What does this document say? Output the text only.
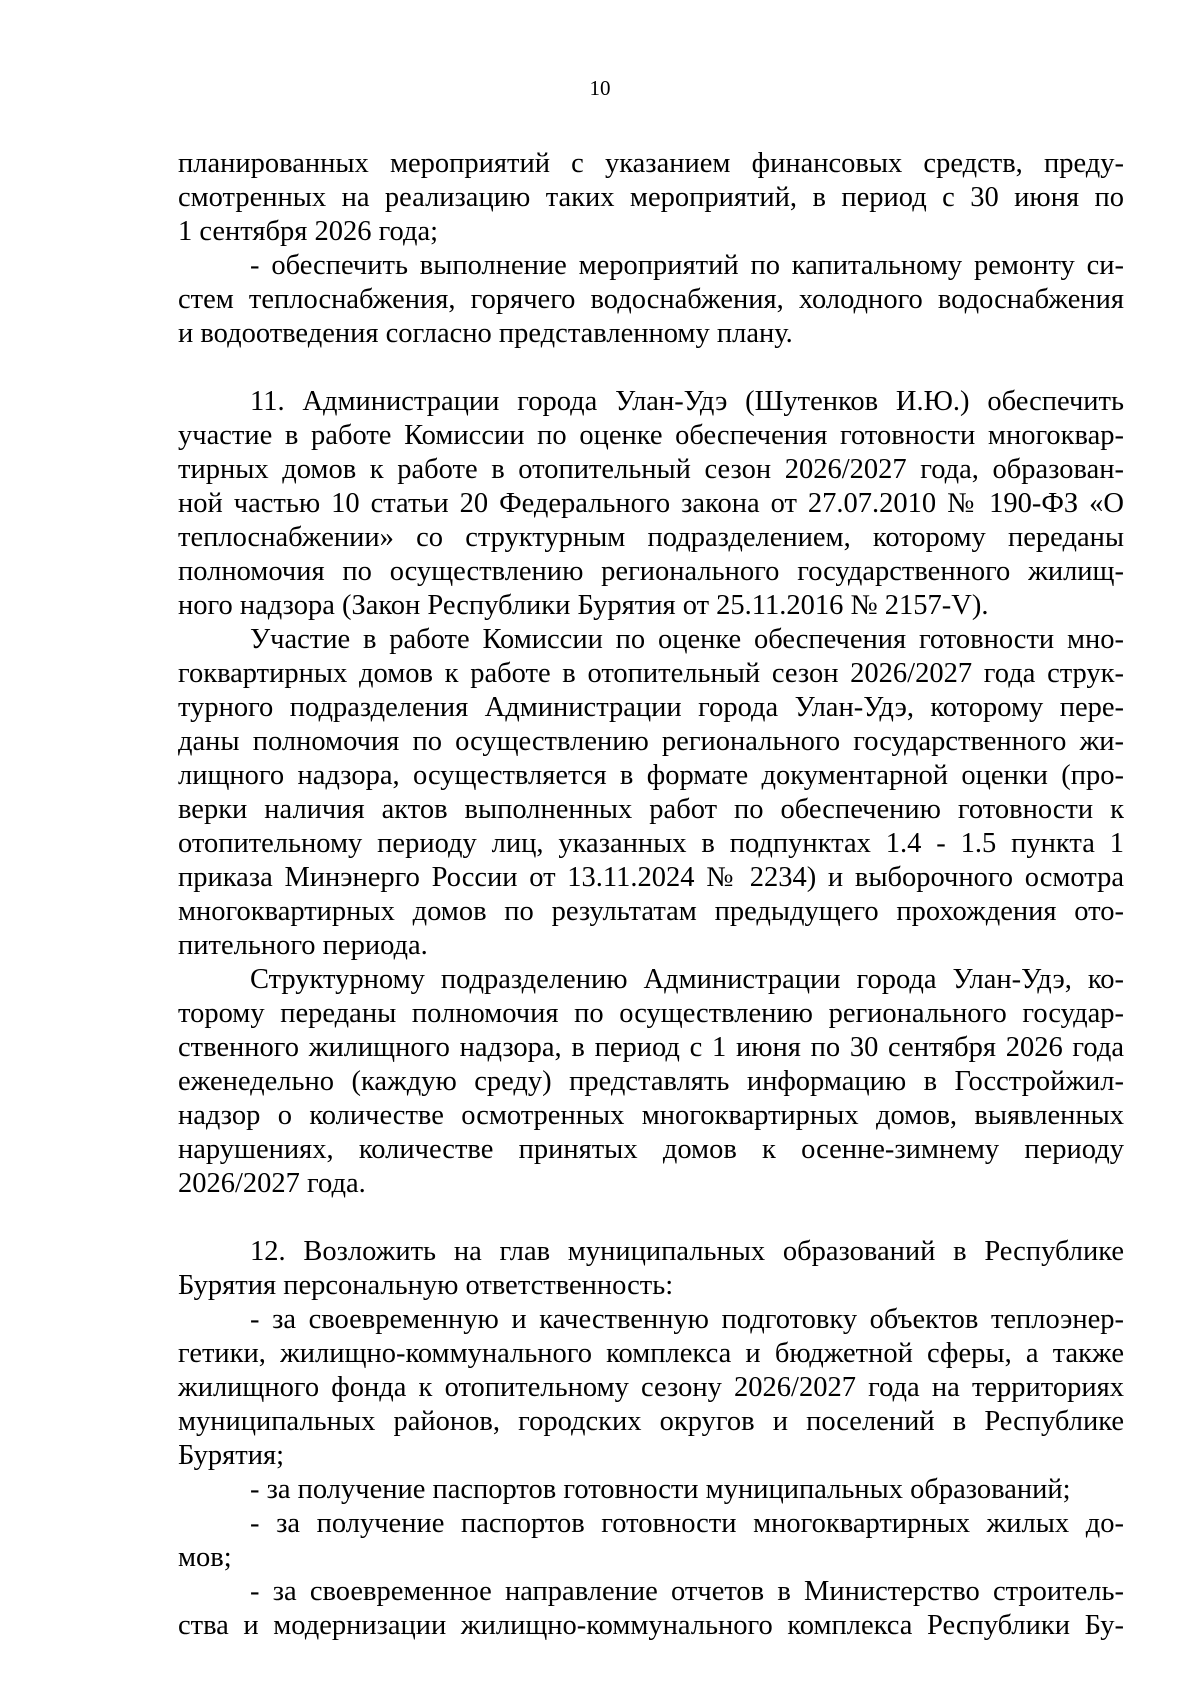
10

планированных мероприятий с указанием финансовых средств, преду-
смотренных на реализацию таких мероприятий, в период с 30 июня по
1 сентября 2026 года;

- обеспечить выполнение мероприятий по капитальному ремонту си-
стем теплоснабжения, горячего водоснабжения, холодного водоснабжения
и водоотведения согласно представленному плану.

11. Администрации города Улан-Удэ (Шутенков И.Ю.) обеспечить
участие в работе Комиссии по оценке обеспечения готовности многоквар-
тирных домов к работе в отопительный сезон 2026/2027 года, образован-
ной частью 10 статьи 20 Федерального закона от 27.07.2010 № 190-ФЗ «О
теплоснабжении» со структурным подразделением, которому переданы
полномочия по осуществлению регионального государственного жилищ-
ного надзора (Закон Республики Бурятия от 25.11.2016 № 2157-V).

Участие в работе Комиссии по оценке обеспечения готовности мно-
гоквартирных домов к работе в отопительный сезон 2026/2027 года струк-
турного подразделения Администрации города Улан-Удэ, которому пере-
даны полномочия по осуществлению регионального государственного жи-
лищного надзора, осуществляется в формате документарной оценки (про-
верки наличия актов выполненных работ по обеспечению готовности к
отопительному периоду лиц, указанных в подпунктах 1.4 - 1.5 пункта 1
приказа Минэнерго России от 13.11.2024 № 2234) и выборочного осмотра
многоквартирных домов по результатам предыдущего прохождения ото-
пительного периода.

Структурному подразделению Администрации города Улан-Удэ, ко-
торому переданы полномочия по осуществлению регионального государ-
ственного жилищного надзора, в период с 1 июня по 30 сентября 2026 года
еженедельно (каждую среду) представлять информацию в Госстройжил-
надзор о количестве осмотренных многоквартирных домов, выявленных
нарушениях, количестве принятых домов к осенне-зимнему периоду
2026/2027 года.

12. Возложить на глав муниципальных образований в Республике
Бурятия персональную ответственность:

- за своевременную и качественную подготовку объектов теплоэнер-
гетики, жилищно-коммунального комплекса и бюджетной сферы, а также
жилищного фонда к отопительному сезону 2026/2027 года на территориях
муниципальных районов, городских округов и поселений в Республике
Бурятия;

- за получение паспортов готовности муниципальных образований;

- за получение паспортов готовности многоквартирных жилых до-
мов;

- за своевременное направление отчетов в Министерство строитель-
ства и модернизации жилищно-коммунального комплекса Республики Бу-
